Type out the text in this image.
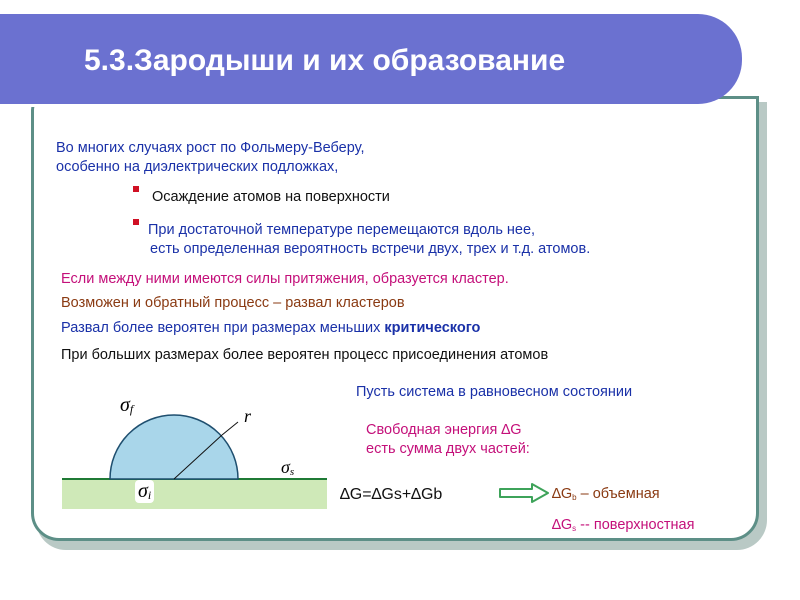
5.3.Зародыши и их образование
Во многих случаях рост по Фольмеру-Веберу,
особенно на диэлектрических подложках,
Осаждение атомов на поверхности
При достаточной температуре перемещаются вдоль нее,
есть определенная вероятность встречи двух, трех и т.д. атомов.
Если между ними имеются силы притяжения, образуется кластер.
Возможен и обратный процесс – развал кластеров
Развал более вероятен при размерах меньших критического
При больших размерах более вероятен процесс присоединения атомов
σf	r
σs
σi
Пусть система в равновесном состоянии
Свободная энергия ∆G
есть сумма двух частей:
∆G=∆Gs+∆Gb	$\Delta G_b$ – объемная
$\Delta G_s$ -- поверхностная
